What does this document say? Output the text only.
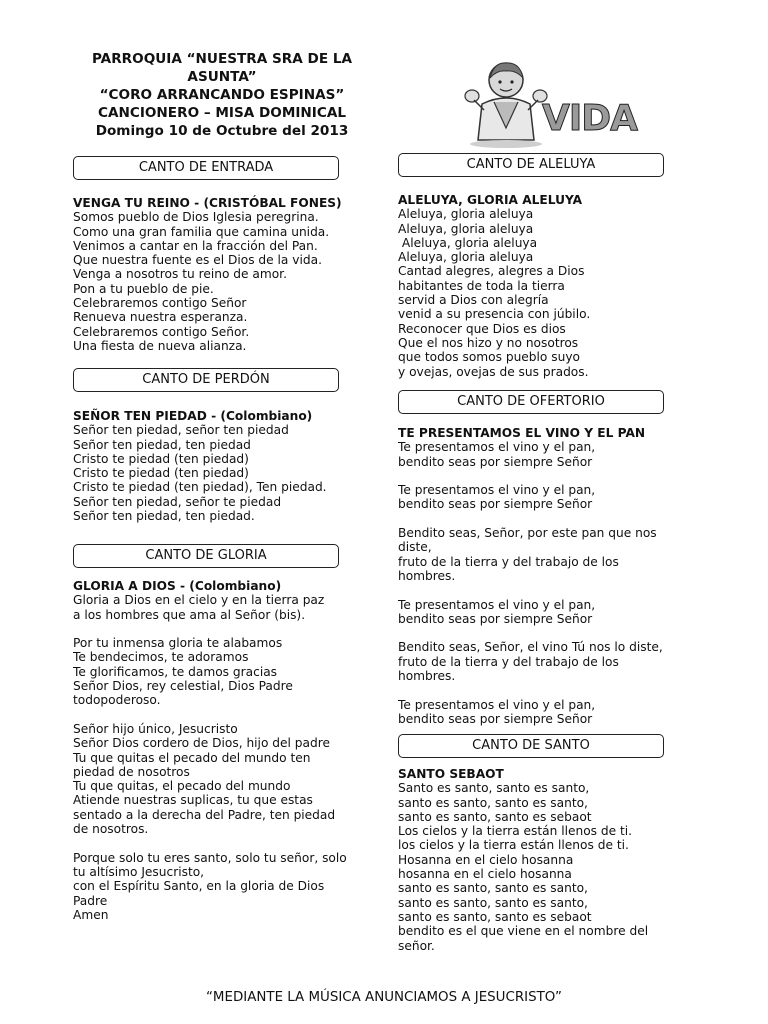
PARROQUIA “NUESTRA SRA DE LA
ASUNTA”
“CORO ARRANCANDO ESPINAS”
CANCIONERO – MISA DOMINICAL
Domingo 10 de Octubre del 2013	VIDA
CANTO DE ENTRADA
VENGA TU REINO - (CRISTÓBAL FONES)
Somos pueblo de Dios Iglesia peregrina.
Como una gran familia que camina unida.
Venimos a cantar en la fracción del Pan.
Que nuestra fuente es el Dios de la vida.
Venga a nosotros tu reino de amor.
Pon a tu pueblo de pie.
Celebraremos contigo Señor
Renueva nuestra esperanza.
Celebraremos contigo Señor.
Una fiesta de nueva alianza.
CANTO DE PERDÓN
SEÑOR TEN PIEDAD - (Colombiano)
Señor ten piedad, señor ten piedad
Señor ten piedad, ten piedad
Cristo te piedad (ten piedad)
Cristo te piedad (ten piedad)
Cristo te piedad (ten piedad), Ten piedad.
Señor ten piedad, señor te piedad
Señor ten piedad, ten piedad.
CANTO DE GLORIA
GLORIA A DIOS - (Colombiano)
Gloria a Dios en el cielo y en la tierra paz
a los hombres que ama al Señor (bis).
Por tu inmensa gloria te alabamos
Te bendecimos, te adoramos
Te glorificamos, te damos gracias
Señor Dios, rey celestial, Dios Padre
todopoderoso.
Señor hijo único, Jesucristo
Señor Dios cordero de Dios, hijo del padre
Tu que quitas el pecado del mundo ten
piedad de nosotros
Tu que quitas, el pecado del mundo
Atiende nuestras suplicas, tu que estas
sentado a la derecha del Padre, ten piedad
de nosotros.
Porque solo tu eres santo, solo tu señor, solo
tu altísimo Jesucristo,
con el Espíritu Santo, en la gloria de Dios
Padre
Amen
CANTO DE ALELUYA
ALELUYA, GLORIA ALELUYA
Aleluya, gloria aleluya
Aleluya, gloria aleluya
Aleluya, gloria aleluya
Aleluya, gloria aleluya
Cantad alegres, alegres a Dios
habitantes de toda la tierra
servid a Dios con alegría
venid a su presencia con júbilo.
Reconocer que Dios es dios
Que el nos hizo y no nosotros
que todos somos pueblo suyo
y ovejas, ovejas de sus prados.
CANTO DE OFERTORIO
TE PRESENTAMOS EL VINO Y EL PAN
Te presentamos el vino y el pan,
bendito seas por siempre Señor
Te presentamos el vino y el pan,
bendito seas por siempre Señor
Bendito seas, Señor, por este pan que nos
diste,
fruto de la tierra y del trabajo de los
hombres.
Te presentamos el vino y el pan,
bendito seas por siempre Señor
Bendito seas, Señor, el vino Tú nos lo diste,
fruto de la tierra y del trabajo de los
hombres.
Te presentamos el vino y el pan,
bendito seas por siempre Señor
CANTO DE SANTO
SANTO SEBAOT
Santo es santo, santo es santo,
santo es santo, santo es santo,
santo es santo, santo es sebaot
Los cielos y la tierra están llenos de ti.
los cielos y la tierra están llenos de ti.
Hosanna en el cielo hosanna
hosanna en el cielo hosanna
santo es santo, santo es santo,
santo es santo, santo es santo,
santo es santo, santo es sebaot
bendito es el que viene en el nombre del
señor.
“MEDIANTE LA MÚSICA ANUNCIAMOS A JESUCRISTO”
